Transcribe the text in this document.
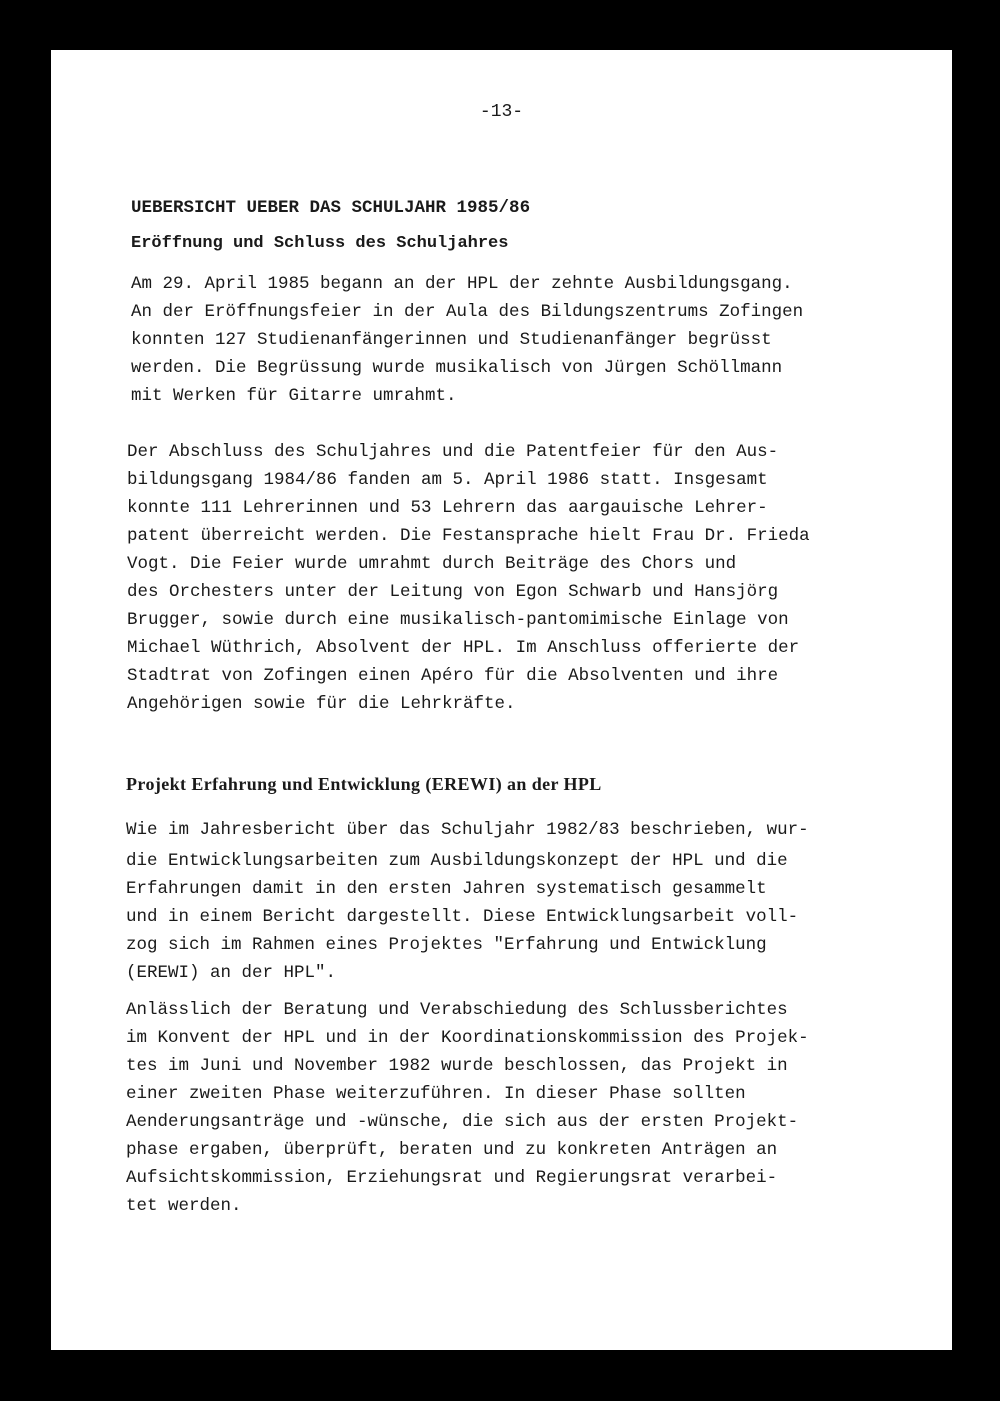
-13-

UEBERSICHT UEBER DAS SCHULJAHR 1985/86

Eröffnung und Schluss des Schuljahres

Am 29. April 1985 begann an der HPL der zehnte Ausbildungsgang.
An der Eröffnungsfeier in der Aula des Bildungszentrums Zofingen
konnten 127 Studienanfängerinnen und Studienanfänger begrüsst
werden. Die Begrüssung wurde musikalisch von Jürgen Schöllmann
mit Werken für Gitarre umrahmt.
Der Abschluss des Schuljahres und die Patentfeier für den Aus-
bildungsgang 1984/86 fanden am 5. April 1986 statt. Insgesamt
konnte 111 Lehrerinnen und 53 Lehrern das aargauische Lehrer-
patent überreicht werden. Die Festansprache hielt Frau Dr. Frieda
Vogt. Die Feier wurde umrahmt durch Beiträge des Chors und
des Orchesters unter der Leitung von Egon Schwarb und Hansjörg
Brugger, sowie durch eine musikalisch-pantomimische Einlage von
Michael Wüthrich, Absolvent der HPL. Im Anschluss offerierte der
Stadtrat von Zofingen einen Apéro für die Absolventen und ihre
Angehörigen sowie für die Lehrkräfte.

Projekt Erfahrung und Entwicklung (EREWI) an der HPL

Wie im Jahresbericht über das Schuljahr 1982/83 beschrieben, wur-
die Entwicklungsarbeiten zum Ausbildungskonzept der HPL und die
Erfahrungen damit in den ersten Jahren systematisch gesammelt
und in einem Bericht dargestellt. Diese Entwicklungsarbeit voll-
zog sich im Rahmen eines Projektes "Erfahrung und Entwicklung
(EREWI) an der HPL".
Anlässlich der Beratung und Verabschiedung des Schlussberichtes
im Konvent der HPL und in der Koordinationskommission des Projek-
tes im Juni und November 1982 wurde beschlossen, das Projekt in
einer zweiten Phase weiterzuführen. In dieser Phase sollten
Aenderungsanträge und -wünsche, die sich aus der ersten Projekt-
phase ergaben, überprüft, beraten und zu konkreten Anträgen an
Aufsichtskommission, Erziehungsrat und Regierungsrat verarbei-
tet werden.
